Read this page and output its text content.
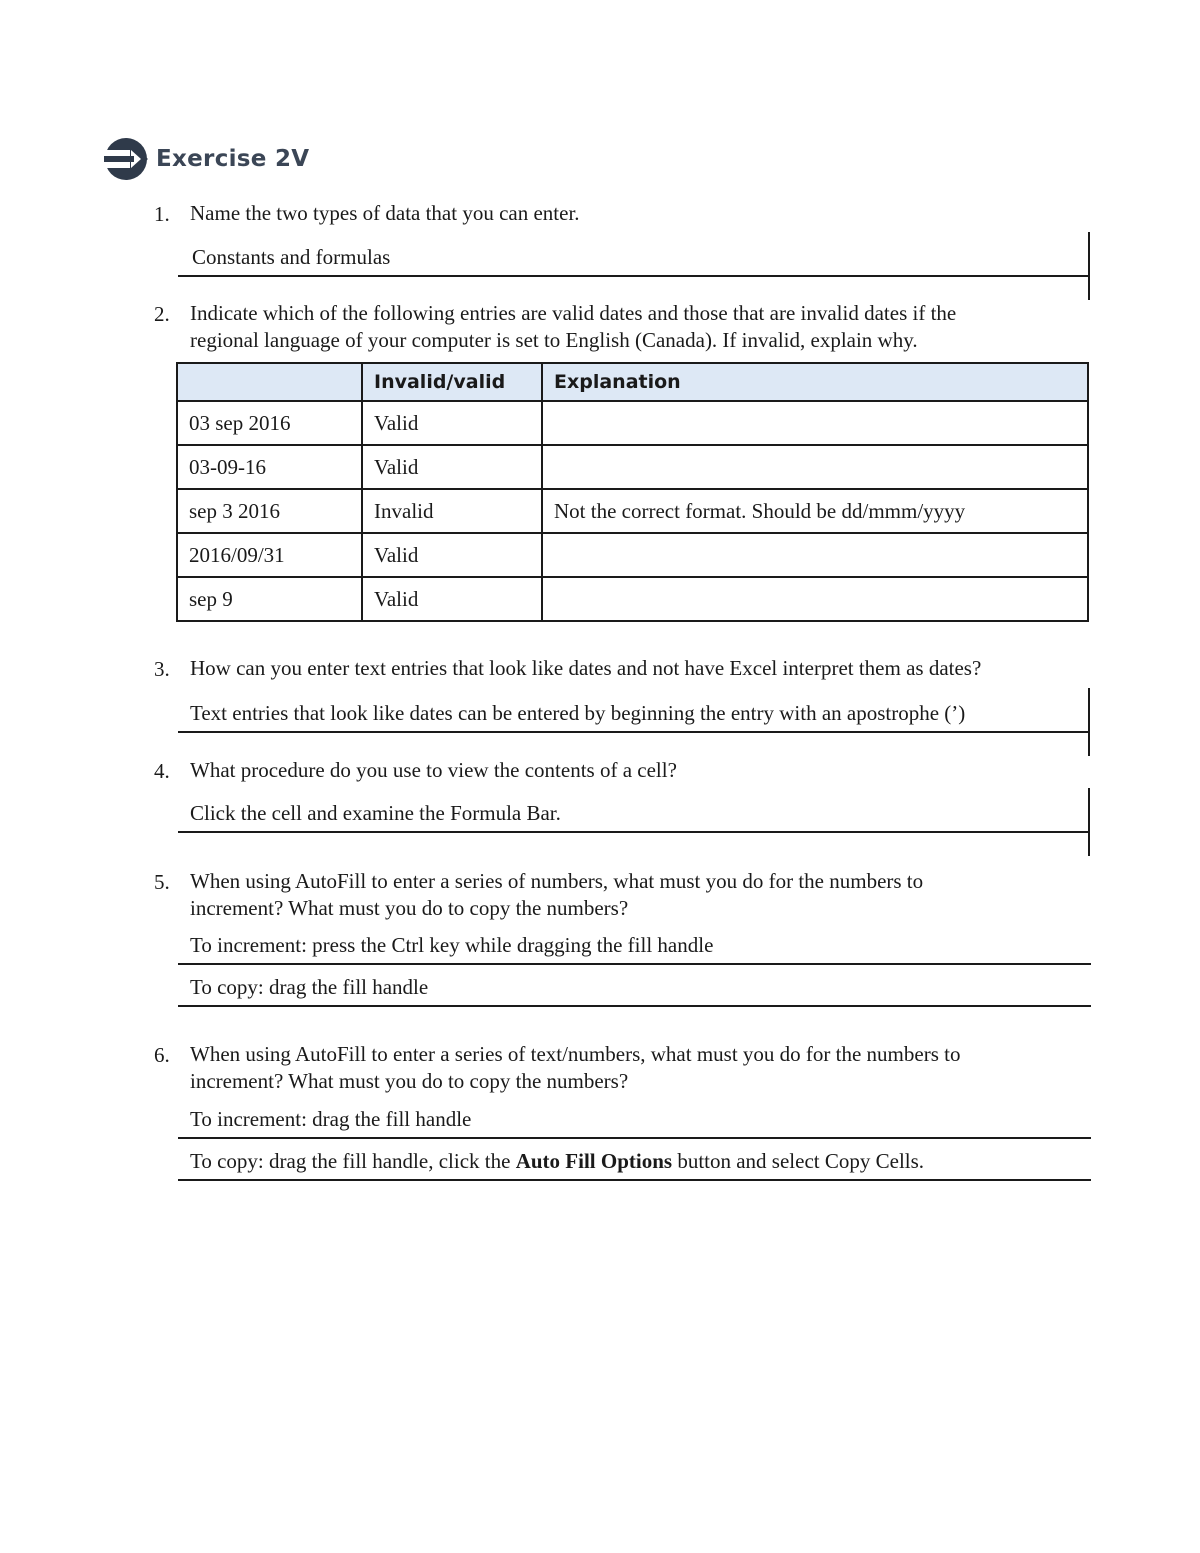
Exercise 2V
1. Name the two types of data that you can enter.
Constants and formulas
2. Indicate which of the following entries are valid dates and those that are invalid dates if the
regional language of your computer is set to English (Canada). If invalid, explain why.
	Invalid/valid	Explanation
03 sep 2016	Valid	
03-09-16	Valid	
sep 3 2016	Invalid	Not the correct format. Should be dd/mmm/yyyy
2016/09/31	Valid	
sep 9	Valid	
3. How can you enter text entries that look like dates and not have Excel interpret them as dates?
Text entries that look like dates can be entered by beginning the entry with an apostrophe (’)
4. What procedure do you use to view the contents of a cell?
Click the cell and examine the Formula Bar.
5. When using AutoFill to enter a series of numbers, what must you do for the numbers to
increment? What must you do to copy the numbers?
To increment: press the Ctrl key while dragging the fill handle
To copy: drag the fill handle
6. When using AutoFill to enter a series of text/numbers, what must you do for the numbers to
increment? What must you do to copy the numbers?
To increment: drag the fill handle
To copy: drag the fill handle, click the Auto Fill Options button and select Copy Cells.
